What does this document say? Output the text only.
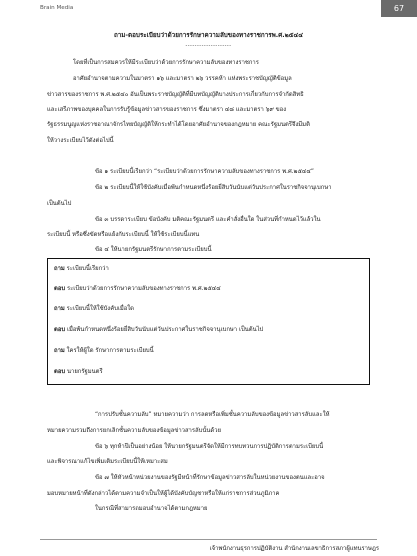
Brain Media	67
ถาม-ตอบระเบียบว่าด้วยการรักษาความลับของทางราชการพ.ศ.๒๕๔๔
--------------------
โดยที่เป็นการสมควรให้มีระเบียบว่าด้วยการรักษาความลับของทางราชการ
อาศัยอำนาจตามความในมาตรา ๑๖ และมาตรา ๒๖ วรรคห้า แห่งพระราชบัญญัติข้อมูล
ข่าวสารของราชการ พ.ศ.๒๕๔๐ อันเป็นพระราชบัญญัติที่มีบทบัญญัติบางประการเกี่ยวกับการจำกัดสิทธิ
และเสรีภาพของบุคคลในการรับรู้ข้อมูลข่าวสารของราชการ ซึ่งมาตรา ๔๘ และมาตรา ๖๙ ของ
รัฐธรรมนูญแห่งราชอาณาจักรไทยบัญญัติให้กระทำได้โดยอาศัยอำนาจของกฎหมาย คณะรัฐมนตรีจึงมีมติ
ให้วางระเบียบไว้ดังต่อไปนี้
ข้อ ๑ ระเบียบนี้เรียกว่า “ระเบียบว่าด้วยการรักษาความลับของทางราชการ พ.ศ.๒๕๔๔”
ข้อ ๒ ระเบียบนี้ให้ใช้บังคับเมื่อพ้นกำหนดหนึ่งร้อยยี่สิบวันนับแต่วันประกาศในราชกิจจานุเบกษา
เป็นต้นไป
ข้อ ๓ บรรดาระเบียบ ข้อบังคับ มติคณะรัฐมนตรี และคำสั่งอื่นใด ในส่วนที่กำหนดไว้แล้วใน
ระเบียบนี้ หรือซึ่งขัดหรือแย้งกับระเบียบนี้ ให้ใช้ระเบียบนี้แทน
ข้อ ๔ ให้นายกรัฐมนตรีรักษาการตามระเบียบนี้
ถาม ระเบียบนี้เรียกว่า
ตอบ ระเบียบว่าด้วยการรักษาความลับของทางราชการ พ.ศ.๒๕๔๔
ถาม ระเบียบนี้ให้ใช้บังคับเมื่อใด
ตอบ เมื่อพ้นกำหนดหนึ่งร้อยยี่สิบวันนับแต่วันประกาศในราชกิจจานุเบกษา เป็นต้นไป
ถาม ใครให้ผู้ใด รักษาการตามระเบียบนี้
ตอบ นายกรัฐมนตรี
“การปรับชั้นความลับ” หมายความว่า การลดหรือเพิ่มชั้นความลับของข้อมูลข่าวสารลับและให้
หมายความรวมถึงการยกเลิกชั้นความลับของข้อมูลข่าวสารลับนั้นด้วย
ข้อ ๖ ทุกห้าปีเป็นอย่างน้อย ให้นายกรัฐมนตรีจัดให้มีการทบทวนการปฏิบัติการตามระเบียบนี้
และพิจารณาแก้ไขเพิ่มเติมระเบียบนี้ให้เหมาะสม
ข้อ ๗ ให้หัวหน้าหน่วยงานของรัฐมีหน้าที่รักษาข้อมูลข่าวสารลับในหน่วยงานของตนและอาจ
มอบหมายหน้าที่ดังกล่าวได้ตามความจำเป็นให้ผู้ได้บังคับบัญชาหรือให้แก่ราชการส่วนภูมิภาค
ในกรณีที่สามารถมอบอำนาจได้ตามกฎหมาย
เจ้าพนักงานธุรการปฏิบัติงาน สำนักงานเลขาธิการสภาผู้แทนราษฎร
